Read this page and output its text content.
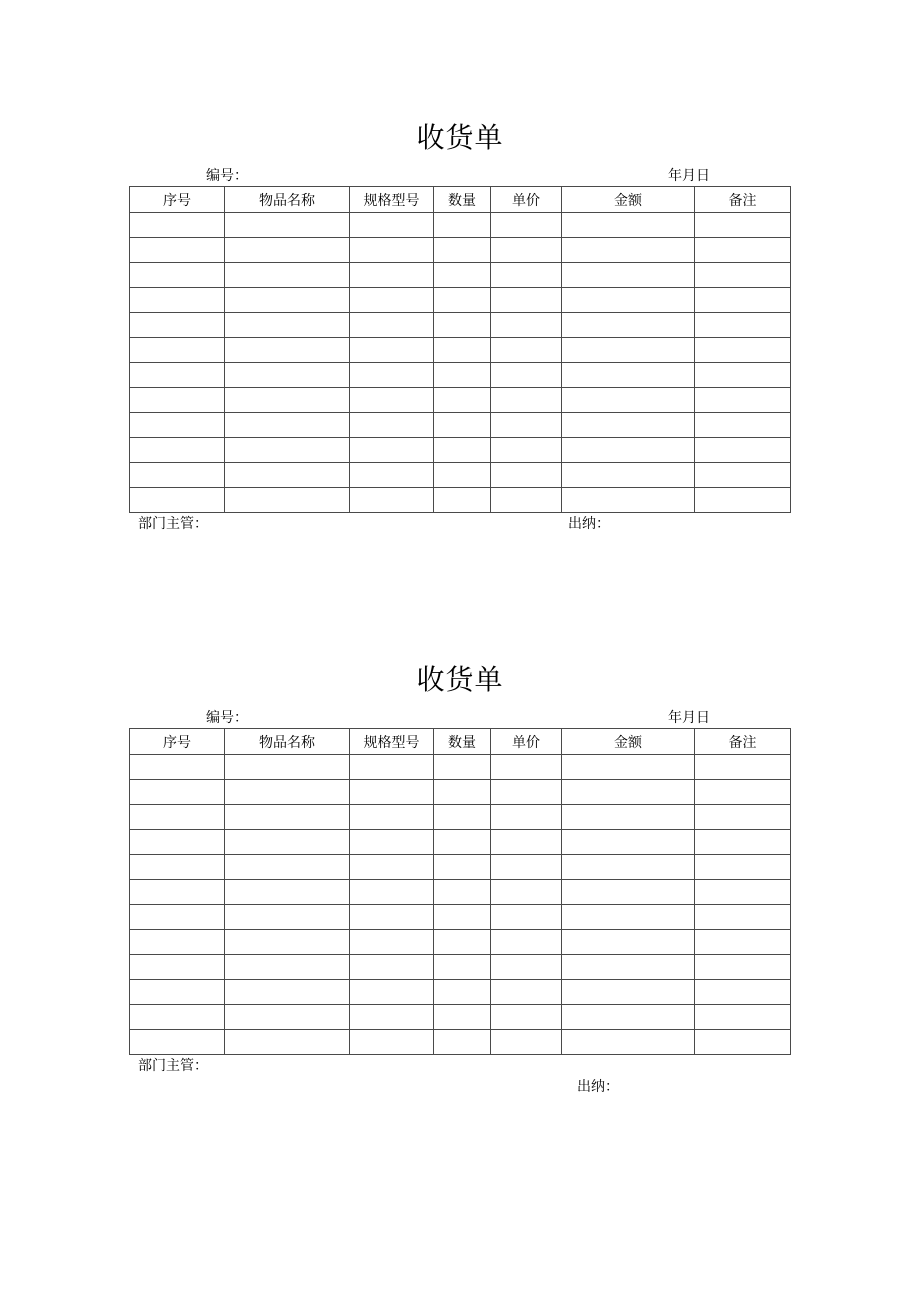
收货单
编号：	年月日
序号	物品名称	规格型号	数量	单价	金额	备注

部门主管：	出纳：
收货单
编号：	年月日
序号	物品名称	规格型号	数量	单价	金额	备注

部门主管：
出纳：
